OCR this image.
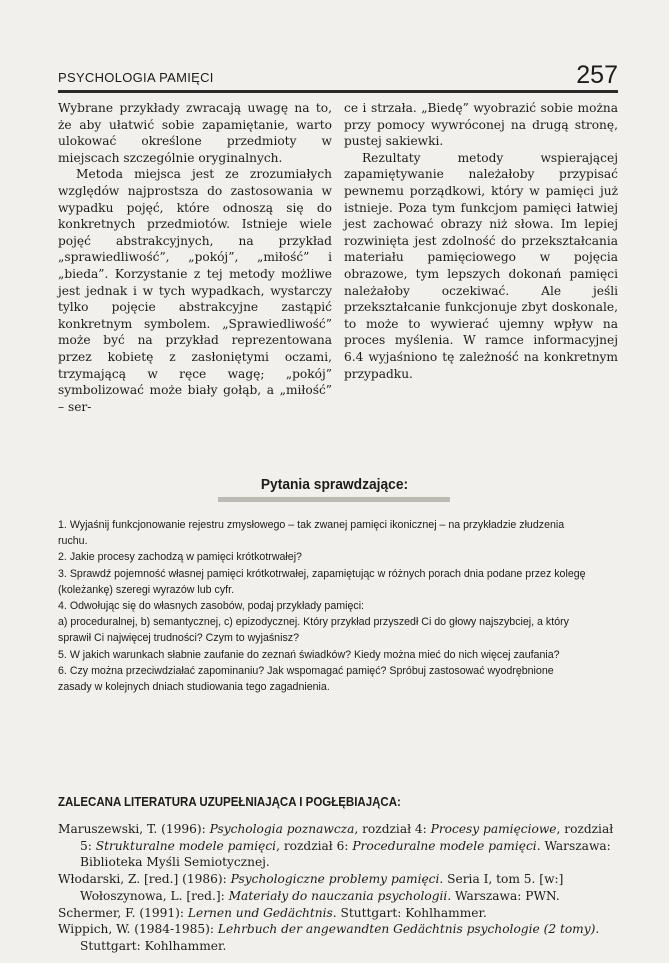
PSYCHOLOGIA PAMIĘCI	257

Wybrane przykłady zwracają uwagę na to, że aby ułatwić sobie zapamiętanie, warto ulokować określone przedmioty w miejscach szczególnie oryginalnych.

Metoda miejsca jest ze zrozumiałych względów najprostsza do zastosowania w wypadku pojęć, które odnoszą się do konkretnych przedmiotów. Istnieje wiele pojęć abstrakcyjnych, na przykład „sprawiedliwość”, „pokój”, „miłość” i „bieda”. Korzystanie z tej metody możliwe jest jednak i w tych wypadkach, wystarczy tylko pojęcie abstrakcyjne zastąpić konkretnym symbolem. „Sprawiedliwość” może być na przykład reprezentowana przez kobietę z zasłoniętymi oczami, trzymającą w ręce wagę; „pokój” symbolizować może biały gołąb, a „miłość” – ser-

ce i strzała. „Biedę” wyobrazić sobie można przy pomocy wywróconej na drugą stronę, pustej sakiewki.

Rezultaty metody wspierającej zapamiętywanie należałoby przypisać pewnemu porządkowi, który w pamięci już istnieje. Poza tym funkcjom pamięci łatwiej jest zachować obrazy niż słowa. Im lepiej rozwinięta jest zdolność do przekształcania materiału pamięciowego w pojęcia obrazowe, tym lepszych dokonań pamięci należałoby oczekiwać. Ale jeśli przekształcanie funkcjonuje zbyt doskonale, to może to wywierać ujemny wpływ na proces myślenia. W ramce informacyjnej 6.4 wyjaśniono tę zależność na konkretnym przypadku.

Pytania sprawdzające:

1. Wyjaśnij funkcjonowanie rejestru zmysłowego – tak zwanej pamięci ikonicznej – na przykładzie złudzenia ruchu.

2. Jakie procesy zachodzą w pamięci krótkotrwałej?

3. Sprawdź pojemność własnej pamięci krótkotrwałej, zapamiętując w różnych porach dnia podane przez kolegę (koleżankę) szeregi wyrazów lub cyfr.

4. Odwołując się do własnych zasobów, podaj przykłady pamięci:

a) proceduralnej, b) semantycznej, c) epizodycznej. Który przykład przyszedł Ci do głowy najszybciej, a który sprawił Ci najwięcej trudności? Czym to wyjaśnisz?

5. W jakich warunkach słabnie zaufanie do zeznań świadków? Kiedy można mieć do nich więcej zaufania?

6. Czy można przeciwdziałać zapominaniu? Jak wspomagać pamięć? Spróbuj zastosować wyodrębnione zasady w kolejnych dniach studiowania tego zagadnienia.

ZALECANA LITERATURA UZUPEŁNIAJĄCA I POGŁĘBIAJĄCA:
Maruszewski, T. (1996): Psychologia poznawcza, rozdział 4: Procesy pamięciowe, rozdział 5: Strukturalne modele pamięci, rozdział 6: Proceduralne modele pamięci. Warszawa: Biblioteka Myśli Semiotycznej.
Włodarski, Z. [red.] (1986): Psychologiczne problemy pamięci. Seria I, tom 5. [w:] Wołoszynowa, L. [red.]: Materiały do nauczania psychologii. Warszawa: PWN.
Schermer, F. (1991): Lernen und Gedächtnis. Stuttgart: Kohlhammer.
Wippich, W. (1984-1985): Lehrbuch der angewandten Gedächtnis psychologie (2 tomy). Stuttgart: Kohlhammer.
